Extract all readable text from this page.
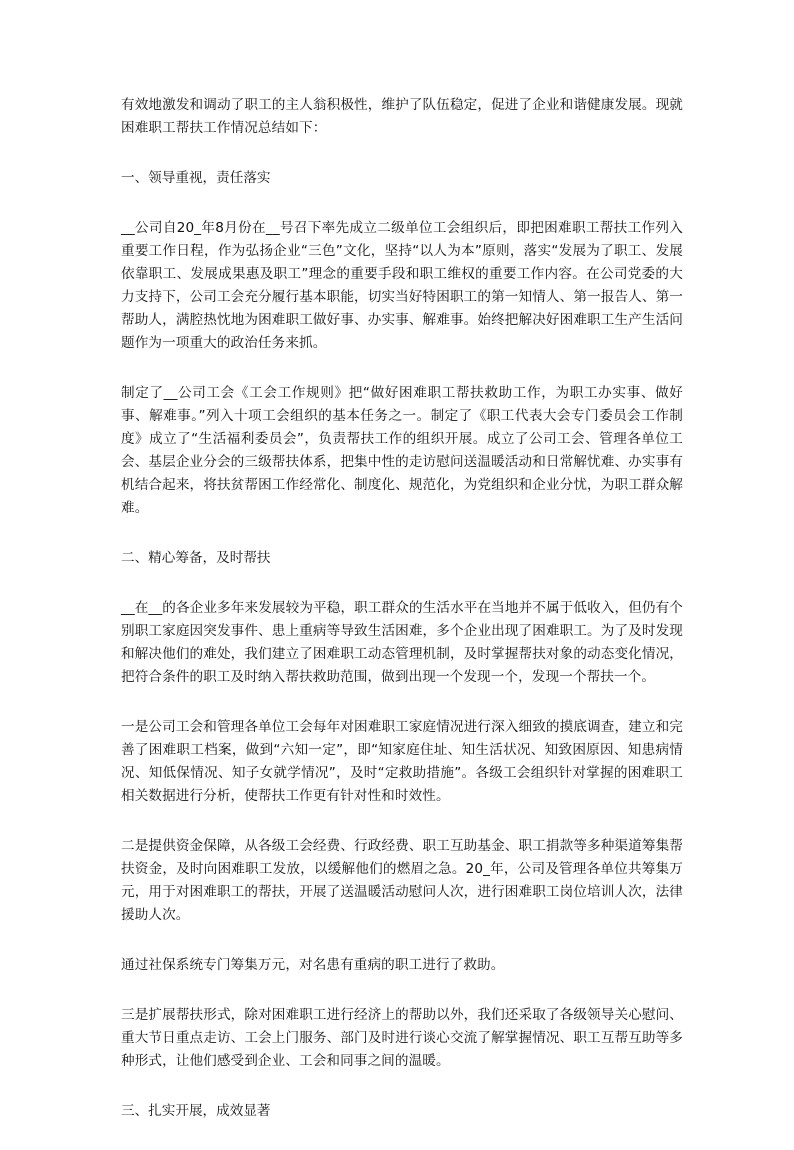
有效地激发和调动了职工的主人翁积极性，维护了队伍稳定，促进了企业和谐健康发展。现就困难职工帮扶工作情况总结如下：

一、领导重视，责任落实

__公司自20_年8月份在__号召下率先成立二级单位工会组织后，即把困难职工帮扶工作列入重要工作日程，作为弘扬企业“三色”文化，坚持“以人为本”原则，落实“发展为了职工、发展依靠职工、发展成果惠及职工”理念的重要手段和职工维权的重要工作内容。在公司党委的大力支持下，公司工会充分履行基本职能，切实当好特困职工的第一知情人、第一报告人、第一帮助人，满腔热忱地为困难职工做好事、办实事、解难事。始终把解决好困难职工生产生活问题作为一项重大的政治任务来抓。

制定了__公司工会《工会工作规则》把“做好困难职工帮扶救助工作，为职工办实事、做好事、解难事。”列入十项工会组织的基本任务之一。制定了《职工代表大会专门委员会工作制度》成立了“生活福利委员会”，负责帮扶工作的组织开展。成立了公司工会、管理各单位工会、基层企业分会的三级帮扶体系，把集中性的走访慰问送温暖活动和日常解忧难、办实事有机结合起来，将扶贫帮困工作经常化、制度化、规范化，为党组织和企业分忧，为职工群众解难。

二、精心筹备，及时帮扶

__在__的各企业多年来发展较为平稳，职工群众的生活水平在当地并不属于低收入，但仍有个别职工家庭因突发事件、患上重病等导致生活困难，多个企业出现了困难职工。为了及时发现和解决他们的难处，我们建立了困难职工动态管理机制，及时掌握帮扶对象的动态变化情况，把符合条件的职工及时纳入帮扶救助范围，做到出现一个发现一个，发现一个帮扶一个。

一是公司工会和管理各单位工会每年对困难职工家庭情况进行深入细致的摸底调查，建立和完善了困难职工档案，做到“六知一定”，即“知家庭住址、知生活状况、知致困原因、知患病情况、知低保情况、知子女就学情况”，及时“定救助措施”。各级工会组织针对掌握的困难职工相关数据进行分析，使帮扶工作更有针对性和时效性。

二是提供资金保障，从各级工会经费、行政经费、职工互助基金、职工捐款等多种渠道筹集帮扶资金，及时向困难职工发放，以缓解他们的燃眉之急。20_年，公司及管理各单位共筹集万元，用于对困难职工的帮扶，开展了送温暖活动慰问人次，进行困难职工岗位培训人次，法律援助人次。

通过社保系统专门筹集万元，对名患有重病的职工进行了救助。

三是扩展帮扶形式，除对困难职工进行经济上的帮助以外，我们还采取了各级领导关心慰问、重大节日重点走访、工会上门服务、部门及时进行谈心交流了解掌握情况、职工互帮互助等多种形式，让他们感受到企业、工会和同事之间的温暖。

三、扎实开展，成效显著
